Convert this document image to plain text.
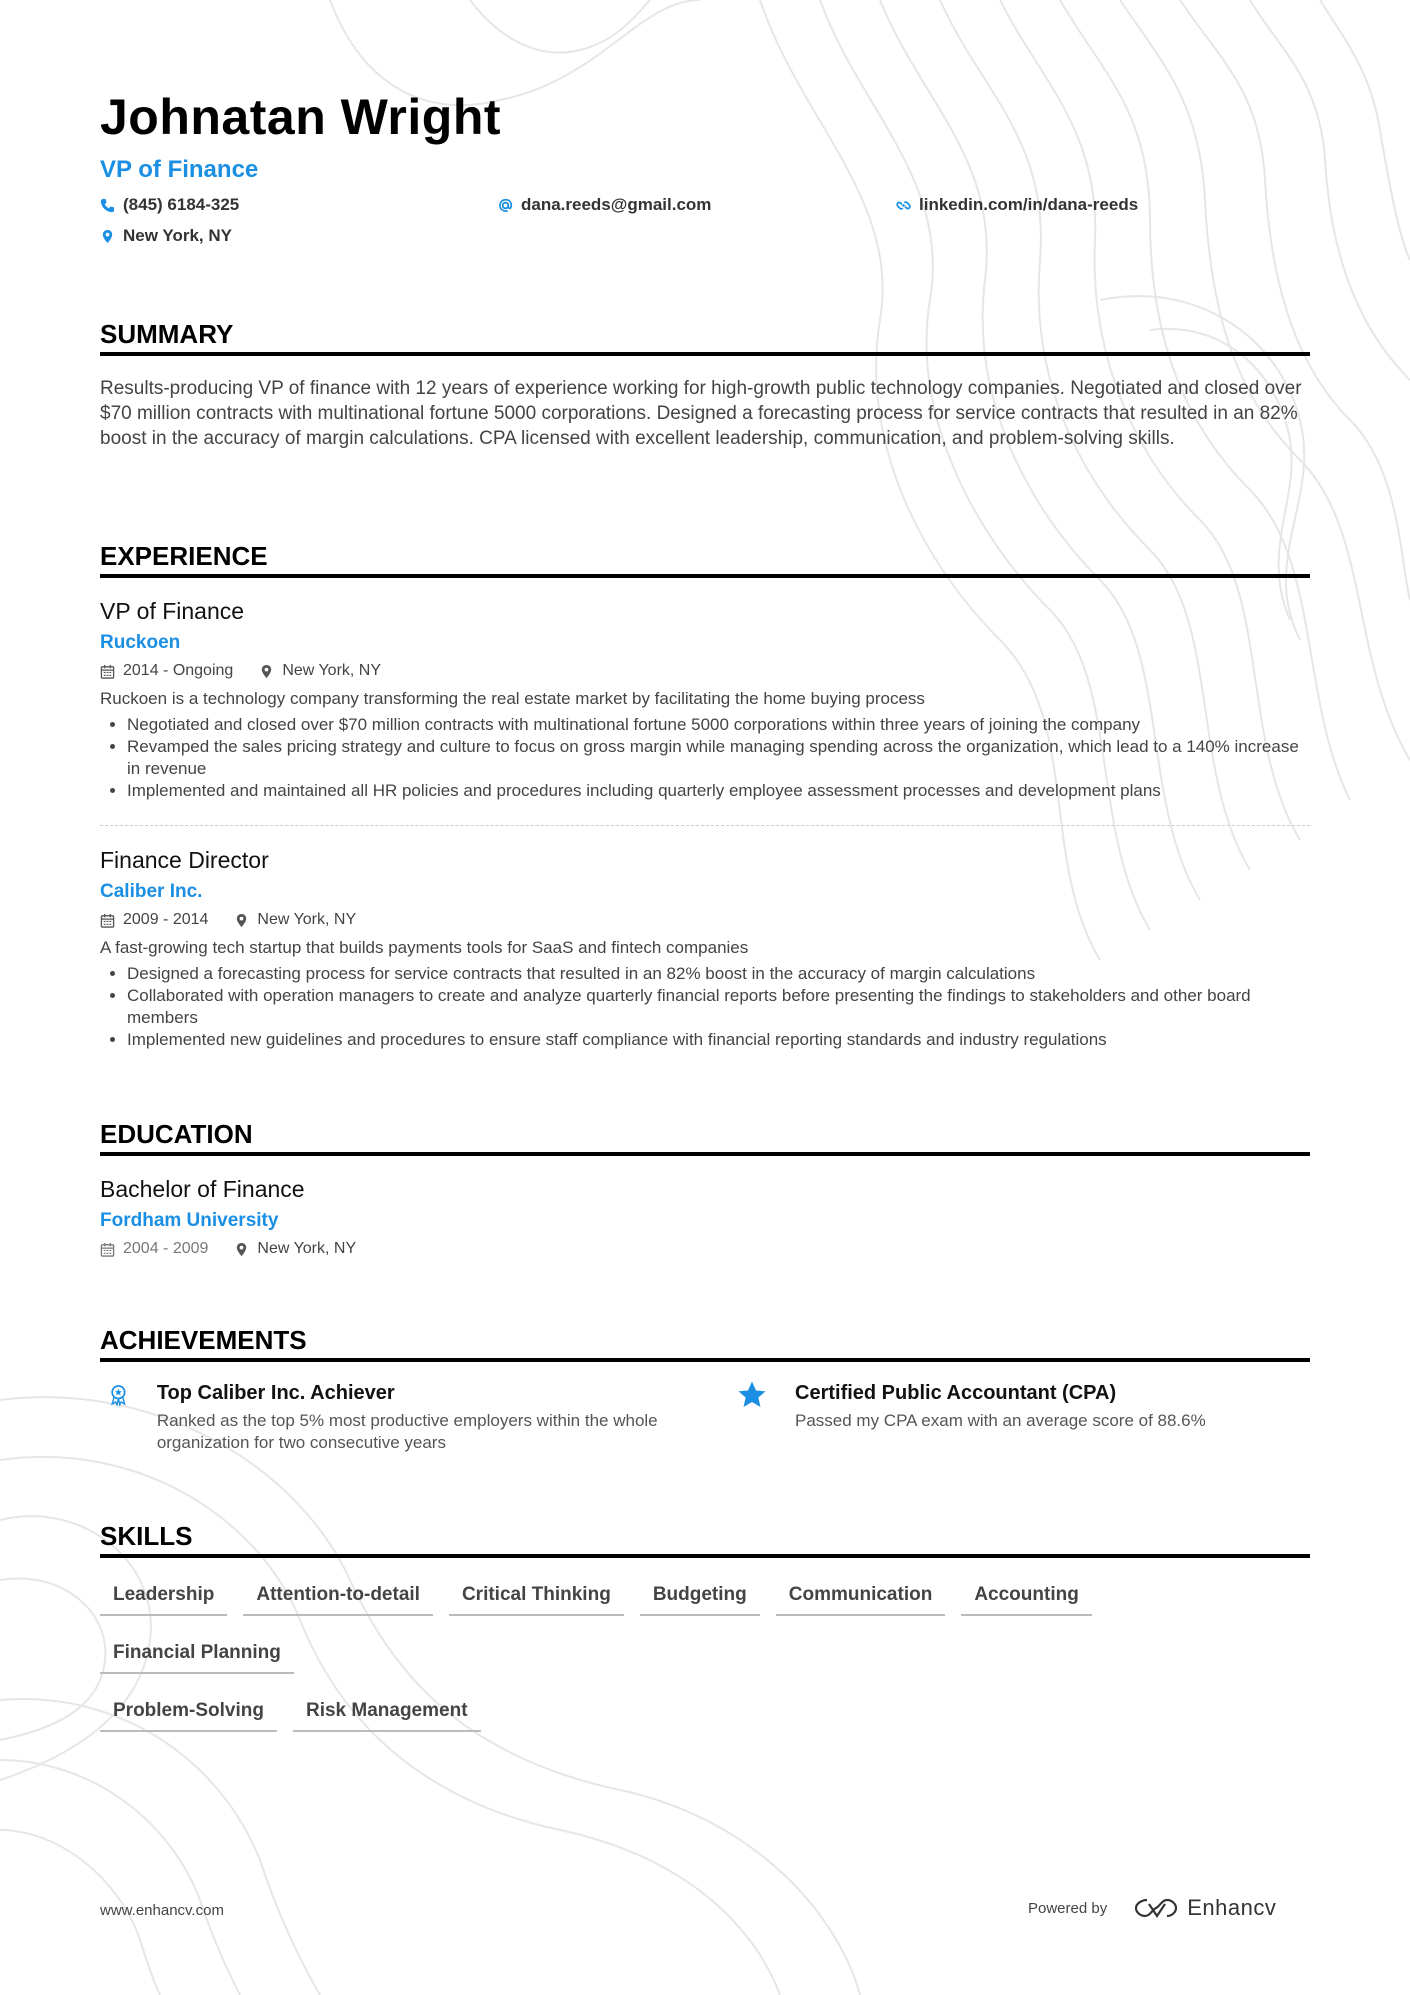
Johnatan Wright
VP of Finance
(845) 6184-325	dana.reeds@gmail.com	linkedin.com/in/dana-reeds
New York, NY
SUMMARY
Results-producing VP of finance with 12 years of experience working for high-growth public technology companies. Negotiated and closed over $70 million contracts with multinational fortune 5000 corporations. Designed a forecasting process for service contracts that resulted in an 82% boost in the accuracy of margin calculations. CPA licensed with excellent leadership, communication, and problem-solving skills.
EXPERIENCE
VP of Finance
Ruckoen
2014 - Ongoing	New York, NY
Ruckoen is a technology company transforming the real estate market by facilitating the home buying process
• Negotiated and closed over $70 million contracts with multinational fortune 5000 corporations within three years of joining the company
• Revamped the sales pricing strategy and culture to focus on gross margin while managing spending across the organization, which lead to a 140% increase in revenue
• Implemented and maintained all HR policies and procedures including quarterly employee assessment processes and development plans
Finance Director
Caliber Inc.
2009 - 2014	New York, NY
A fast-growing tech startup that builds payments tools for SaaS and fintech companies
• Designed a forecasting process for service contracts that resulted in an 82% boost in the accuracy of margin calculations
• Collaborated with operation managers to create and analyze quarterly financial reports before presenting the findings to stakeholders and other board members
• Implemented new guidelines and procedures to ensure staff compliance with financial reporting standards and industry regulations
EDUCATION
Bachelor of Finance
Fordham University
2004 - 2009	New York, NY
ACHIEVEMENTS
Top Caliber Inc. Achiever
Ranked as the top 5% most productive employers within the whole organization for two consecutive years
Certified Public Accountant (CPA)
Passed my CPA exam with an average score of 88.6%
SKILLS
Leadership	Attention-to-detail	Critical Thinking	Budgeting	Communication	Accounting
Financial Planning
Problem-Solving	Risk Management
www.enhancv.com	Powered by	Enhancv
